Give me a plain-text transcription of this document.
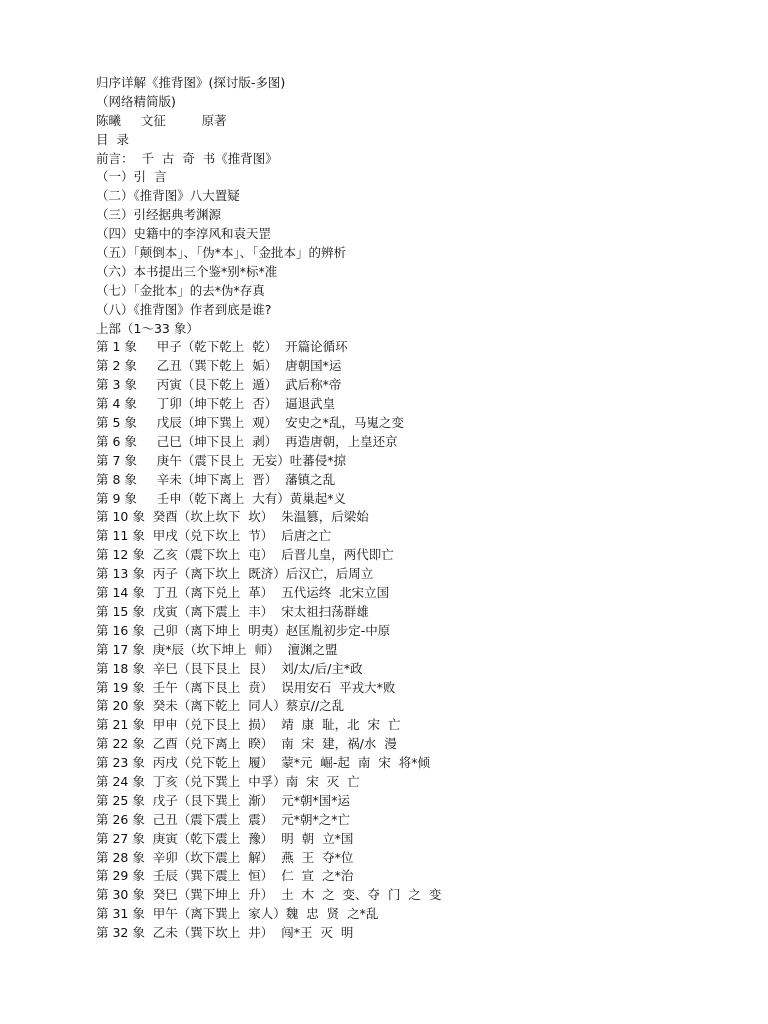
归序详解《推背图》(探讨版-多图)
（网络精简版)
陈曦     文征         原著
目  录
前言：  千  古  奇  书《推背图》
（一）引  言
（二）《推背图》八大置疑
（三）引经据典考渊源
（四）史籍中的李淳风和袁天罡
（五）「颠倒本」、「伪*本」、「金批本」的辨析
（六）本书提出三个鉴*别*标*准
（七）「金批本」的去*伪*存真
（八）《推背图》作者到底是谁?
上部（1～33 象）
第 1 象     甲子（乾下乾上  乾）  开篇论循环
第 2 象     乙丑（巽下乾上  姤）  唐朝国*运
第 3 象     丙寅（艮下乾上  遁）  武后称*帝
第 4 象     丁卯（坤下乾上  否）  逼退武皇
第 5 象     戊辰（坤下巽上  观）  安史之*乱，马嵬之变
第 6 象     己巳（坤下艮上  剥）  再造唐朝，上皇还京
第 7 象     庚午（震下艮上  无妄）吐蕃侵*掠
第 8 象     辛未（坤下离上  晋）  藩镇之乱
第 9 象     壬申（乾下离上  大有）黄巢起*义
第 10 象  癸酉（坎上坎下  坎）  朱温篡，后梁始
第 11 象  甲戌（兑下坎上  节）  后唐之亡
第 12 象  乙亥（震下坎上  屯）  后晋儿皇，两代即亡
第 13 象  丙子（离下坎上  既济）后汉亡，后周立
第 14 象  丁丑（离下兑上  革）  五代运终  北宋立国
第 15 象  戊寅（离下震上  丰）  宋太祖扫荡群雄
第 16 象  己卯（离下坤上  明夷）赵匡胤初步定-中原
第 17 象  庚*辰（坎下坤上  师）  澶渊之盟
第 18 象  辛巳（艮下艮上  艮）  刘/太/后/主*政
第 19 象  壬午（离下艮上  贲）  误用安石  平戎大*败
第 20 象  癸未（离下乾上  同人）蔡京//之乱
第 21 象  甲申（兑下艮上  损）  靖  康  耻，北  宋  亡
第 22 象  乙酉（兑下离上  睽）  南  宋  建，祸/水  漫
第 23 象  丙戌（兑下乾上  履）  蒙*元  崛-起  南  宋  将*倾
第 24 象  丁亥（兑下巽上  中孚）南  宋  灭  亡
第 25 象  戊子（艮下巽上  渐）  元*朝*国*运
第 26 象  己丑（震下震上  震）  元*朝*之*亡
第 27 象  庚寅（乾下震上  豫）  明  朝  立*国
第 28 象  辛卯（坎下震上  解）  燕  王  夺*位
第 29 象  壬辰（巽下震上  恒）  仁  宣  之*治
第 30 象  癸巳（巽下坤上  升）  土  木  之  变、夺  门  之  变
第 31 象  甲午（离下巽上  家人）魏  忠  贤  之*乱
第 32 象  乙未（巽下坎上  井）  闯*王  灭  明
